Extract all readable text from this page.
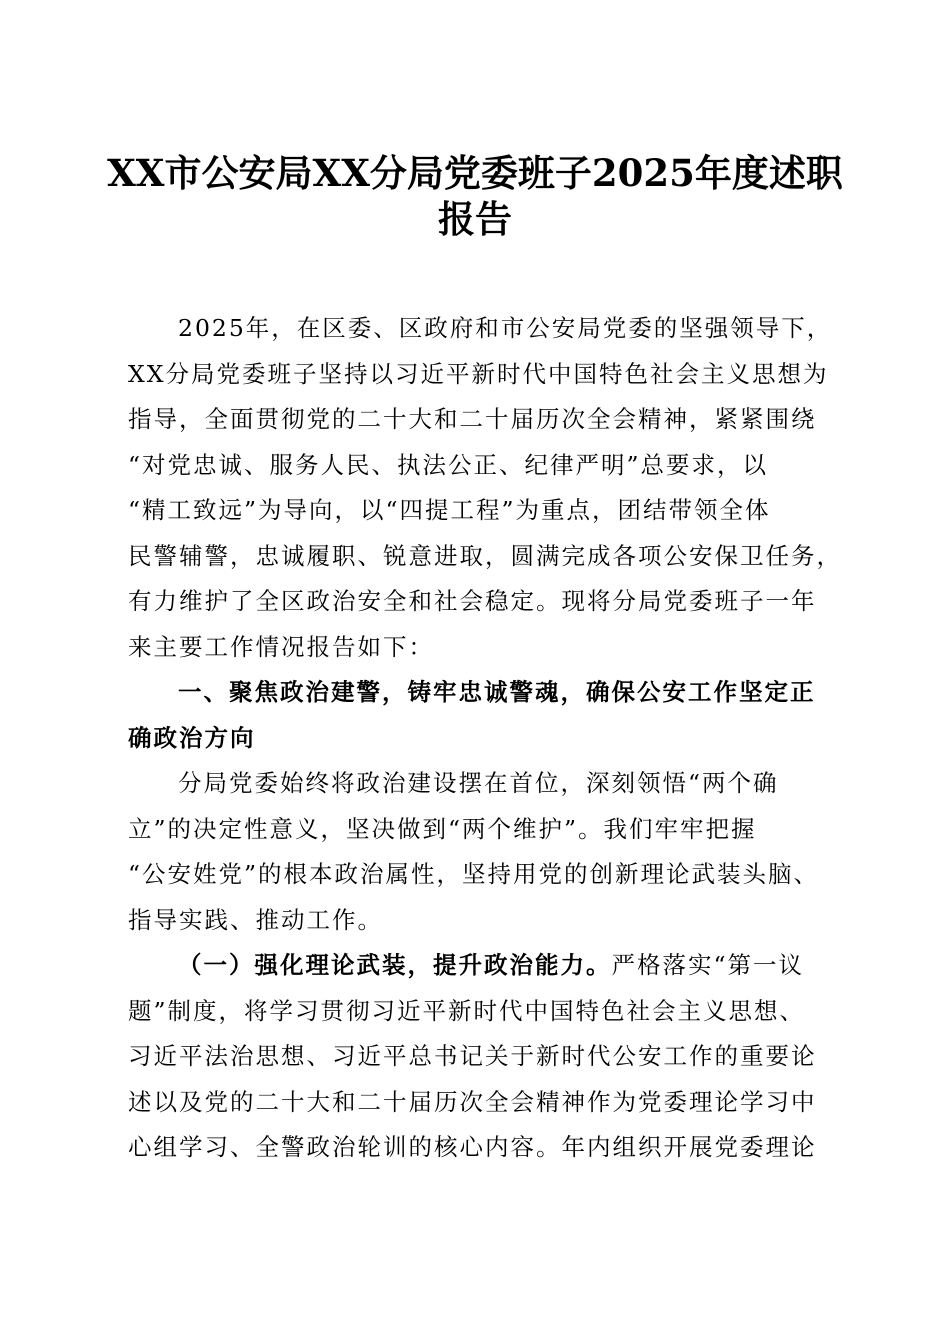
XX市公安局XX分局党委班子2025年度述职
报告
2025年，在区委、区政府和市公安局党委的坚强领导下，
XX分局党委班子坚持以习近平新时代中国特色社会主义思想为
指导，全面贯彻党的二十大和二十届历次全会精神，紧紧围绕
“对党忠诚、服务人民、执法公正、纪律严明”总要求，以
“精工致远”为导向，以“四提工程”为重点，团结带领全体
民警辅警，忠诚履职、锐意进取，圆满完成各项公安保卫任务，
有力维护了全区政治安全和社会稳定。现将分局党委班子一年
来主要工作情况报告如下：
一、聚焦政治建警，铸牢忠诚警魂，确保公安工作坚定正
确政治方向
分局党委始终将政治建设摆在首位，深刻领悟“两个确
立”的决定性意义，坚决做到“两个维护”。我们牢牢把握
“公安姓党”的根本政治属性，坚持用党的创新理论武装头脑、
指导实践、推动工作。
（一）强化理论武装，提升政治能力。严格落实“第一议
题”制度，将学习贯彻习近平新时代中国特色社会主义思想、
习近平法治思想、习近平总书记关于新时代公安工作的重要论
述以及党的二十大和二十届历次全会精神作为党委理论学习中
心组学习、全警政治轮训的核心内容。年内组织开展党委理论
